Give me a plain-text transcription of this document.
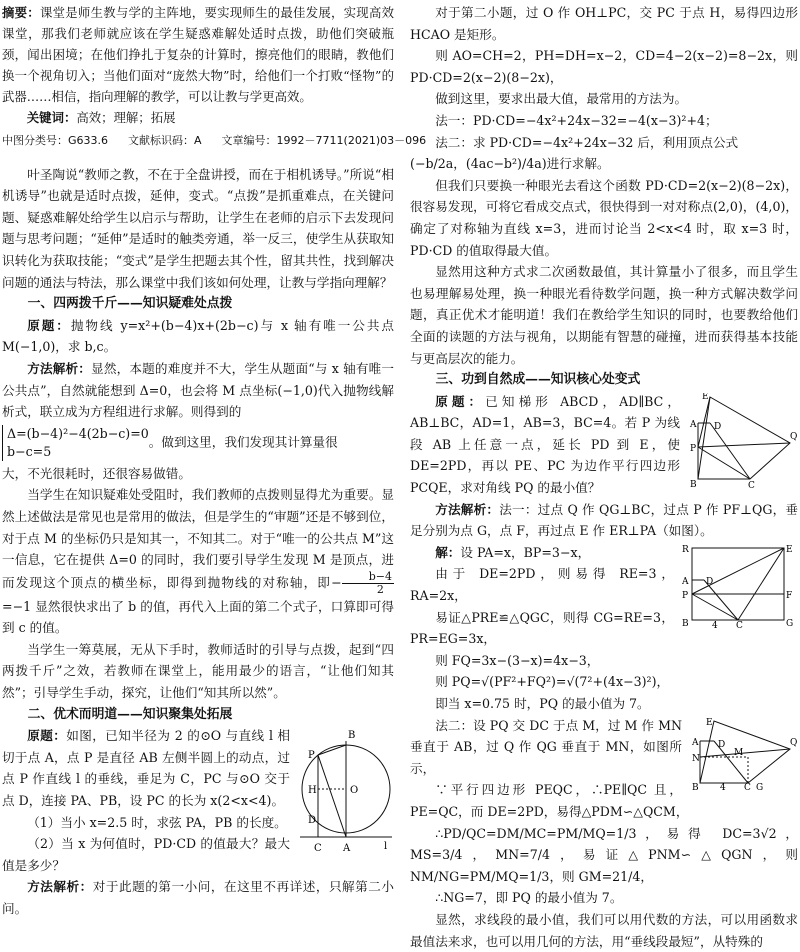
摘要：课堂是师生教与学的主阵地，要实现师生的最佳发展，实现高效课堂，那我们老师就应该在学生疑惑难解处适时点拨，助他们突破瓶颈，闻出困境；在他们挣扎于复杂的计算时，擦亮他们的眼睛，教他们换一个视角切入；当他们面对“庞然大物”时，给他们一个打败“怪物”的武器……相信，指向理解的教学，可以让教与学更高效。

关键词：高效；理解；拓展

中图分类号：G633.6 文献标识码：A 文章编号：1992－7711(2021)03－096

叶圣陶说“教师之教，不在于全盘讲授，而在于相机诱导。”所说“相机诱导”也就是适时点拨，延伸，变式。“点拨”是抓重难点，在关键问题、疑惑难解处给学生以启示与帮助，让学生在老师的启示下去发现问题与思考问题；“延伸”是适时的触类旁通，举一反三，使学生从获取知识转化为获取技能；“变式”是学生把题去其个性，留其共性，找到解决问题的通法与特法，那么课堂中我们该如何处理，让教与学指向理解？

一、四两拨千斤——知识疑难处点拨

原题：抛物线 y=x²+(b−4)x+(2b−c)与 x 轴有唯一公共点 M(−1,0)，求 b,c。

方法解析：显然，本题的难度并不大，学生从题面“与 x 轴有唯一公共点”，自然就能想到 Δ=0，也会将 M 点坐标(−1,0)代入抛物线解析式，联立成为方程组进行求解。则得到的

Δ=(b−4)²−4(2b−c)=0
b−c=5。做到这里，我们发现其计算量很

大，不光很耗时，还很容易做错。

当学生在知识疑难处受阻时，我们教师的点拨则显得尤为重要。显然上述做法是常见也是常用的做法，但是学生的“审题”还是不够到位，对于点 M 的坐标仍只是知其一，不知其二。对于“唯一的公共点 M”这一信息，它在提供 Δ=0 的同时，我们要引导学生发现 M 是顶点，进而发现这个顶点的横坐标，即得到抛物线的对称轴，即− $\frac{b-4}{2}$
=−1 显然很快求出了 b 的值，再代入上面的第二个式子，口算即可得到 c 的值。

当学生一筹莫展，无从下手时，教师适时的引导与点拨，起到“四两拨千斤”之效，若教师在课堂上，能用最少的语言，“让他们知其然”；引导学生手动，探究，让他们“知其所以然”。

二、优术而明道——知识聚集处拓展

B
P
H	O
D
C A	l

原题：如图，已知半径为 2 的⊙O 与直线 l 相切于点 A，点 P 是直径 AB 左侧半圆上的动点，过点 P 作直线 l 的垂线，垂足为 C，PC 与⊙O 交于点 D，连接 PA、PB，设 PC 的长为 x(2<x<4)。

（1）当小 x=2.5 时，求弦 PA，PB 的长度。

（2）当 x 为何值时，PD·CD 的值最大？最大值是多少？

方法解析：对于此题的第一小问，在这里不再详述，只解第二小问。

对于第二小题，过 O 作 OH⊥PC，交 PC 于点 H，易得四边形 HCAO 是矩形。

则 AO=CH=2，PH=DH=x−2，CD=4−2(x−2)=8−2x，则 PD·CD=2(x−2)(8−2x)，

做到这里，要求出最大值，最常用的方法为。

法一：PD·CD=−4x²+24x−32=−4(x−3)²+4；

法二：求 PD·CD=−4x²+24x−32 后，利用顶点公式

(−b/2a，(4ac−b²)/4a)进行求解。

但我们只要换一种眼光去看这个函数 PD·CD=2(x−2)(8−2x)，很容易发现，可将它看成交点式，很快得到一对对称点(2,0)，(4,0)，确定了对称轴为直线 x=3，进而讨论当 2<x<4 时，取 x=3 时，PD·CD 的值取得最大值。

显然用这种方式求二次函数最值，其计算量小了很多，而且学生也易理解易处理，换一种眼光看待数学问题，换一种方式解决数学问题，真正优术才能明道！我们在教给学生知识的同时，也要教给他们全面的读题的方法与视角，以期能有智慧的碰撞，进而获得基本技能与更高层次的能力。

三、功到自然成——知识核心处变式

E
A
P
D
Q
B	C

原题：已知梯形 ABCD，AD∥BC，AB⊥BC，AD=1，AB=3，BC=4。若 P 为线段 AB 上任意一点，延长 PD 到 E，使 DE=2PD，再以 PE、PC 为边作平行四边形 PCQE，求对角线 PQ 的最小值？

方法解析：法一：过点 Q 作 QG⊥BC，过点 P 作 PF⊥QG，垂足分别为点 G，点 F，再过点 E 作 ER⊥PA（如图）。

R	E
A
P
D
F
B	4 C	G

解：设 PA=x，BP=3−x，

由于 DE=2PD，则易得 RE=3，RA=2x，

易证△PRE≌△QGC，则得 CG=RE=3，PR=EG=3x，

则 FQ=3x−(3−x)=4x−3，

则 PQ=√(PF²+FQ²)=√(7²+(4x−3)²)，

即当 x=0.75 时，PQ 的最小值为 7。

E
A
N
D
M
Q
B 4 C G

法二：设 PQ 交 DC 于点 M，过 M 作 MN 垂直于 AB，过 Q 作 QG 垂直于 MN，如图所示，

∵平行四边形 PEQC，∴PE∥QC 且，PE=QC，而 DE=2PD，易得△PDM∽△QCM，

∴PD/QC=DM/MC=PM/MQ=1/3，易得 DC=3√2，MS=3/4，MN=7/4，易证△PNM∽△QGN，则 NM/NG=PM/MQ=1/3，则 GM=21/4，

∴NG=7，即 PQ 的最小值为 7。

显然，求线段的最小值，我们可以用代数的方法，可以用函数求最值法来求，也可以用几何的方法，用“垂线段最短”，从特殊的
